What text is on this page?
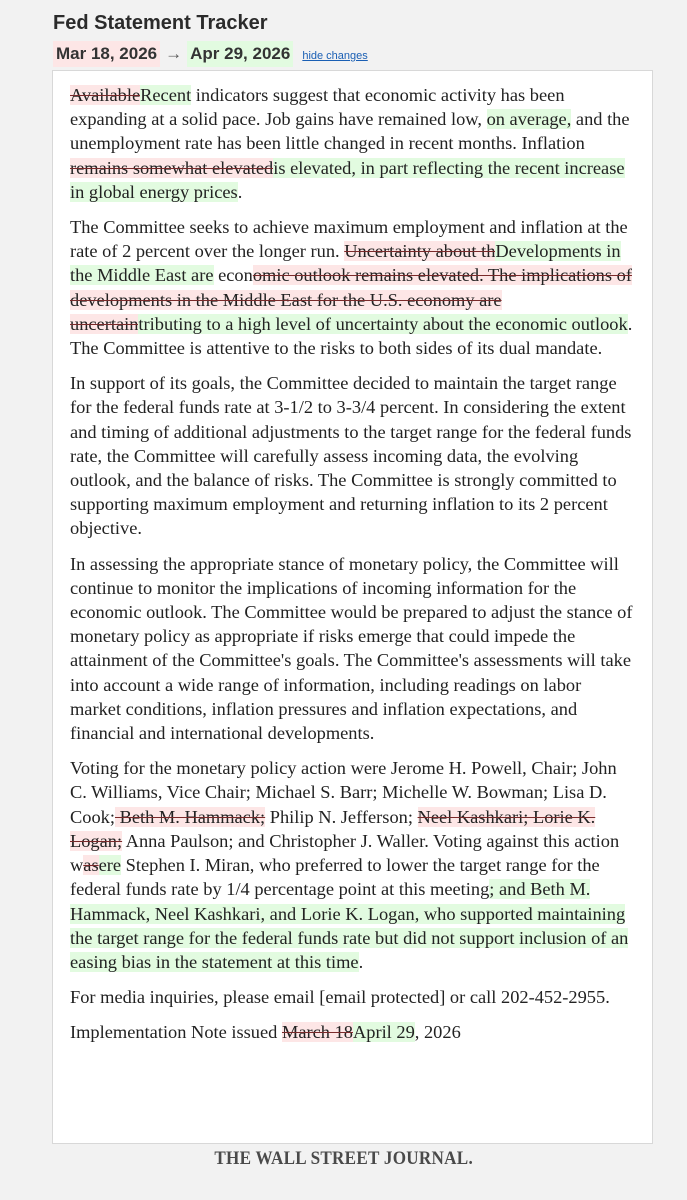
Fed Statement Tracker
Mar 18, 2026 → Apr 29, 2026 hide changes

AvailableRecent indicators suggest that economic activity has been expanding at a solid pace. Job gains have remained low, on average, and the unemployment rate has been little changed in recent months. Inflation remains somewhat elevatedis elevated, in part reflecting the recent increase in global energy prices.

The Committee seeks to achieve maximum employment and inflation at the rate of 2 percent over the longer run. Uncertainty about thDevelopments in the Middle East are economic outlook remains elevated. The implications of developments in the Middle East for the U.S. economy are uncertaintributing to a high level of uncertainty about the economic outlook. The Committee is attentive to the risks to both sides of its dual mandate.

In support of its goals, the Committee decided to maintain the target range for the federal funds rate at 3-1/2 to 3-3/4 percent. In considering the extent and timing of additional adjustments to the target range for the federal funds rate, the Committee will carefully assess incoming data, the evolving outlook, and the balance of risks. The Committee is strongly committed to supporting maximum employment and returning inflation to its 2 percent objective.

In assessing the appropriate stance of monetary policy, the Committee will continue to monitor the implications of incoming information for the economic outlook. The Committee would be prepared to adjust the stance of monetary policy as appropriate if risks emerge that could impede the attainment of the Committee's goals. The Committee's assessments will take into account a wide range of information, including readings on labor market conditions, inflation pressures and inflation expectations, and financial and international developments.

Voting for the monetary policy action were Jerome H. Powell, Chair; John C. Williams, Vice Chair; Michael S. Barr; Michelle W. Bowman; Lisa D. Cook; Beth M. Hammack; Philip N. Jefferson; Neel Kashkari; Lorie K. Logan; Anna Paulson; and Christopher J. Waller. Voting against this action wasere Stephen I. Miran, who preferred to lower the target range for the federal funds rate by 1/4 percentage point at this meeting; and Beth M. Hammack, Neel Kashkari, and Lorie K. Logan, who supported maintaining the target range for the federal funds rate but did not support inclusion of an easing bias in the statement at this time.

For media inquiries, please email [email protected] or call 202-452-2955.

Implementation Note issued March 18April 29, 2026

THE WALL STREET JOURNAL.
